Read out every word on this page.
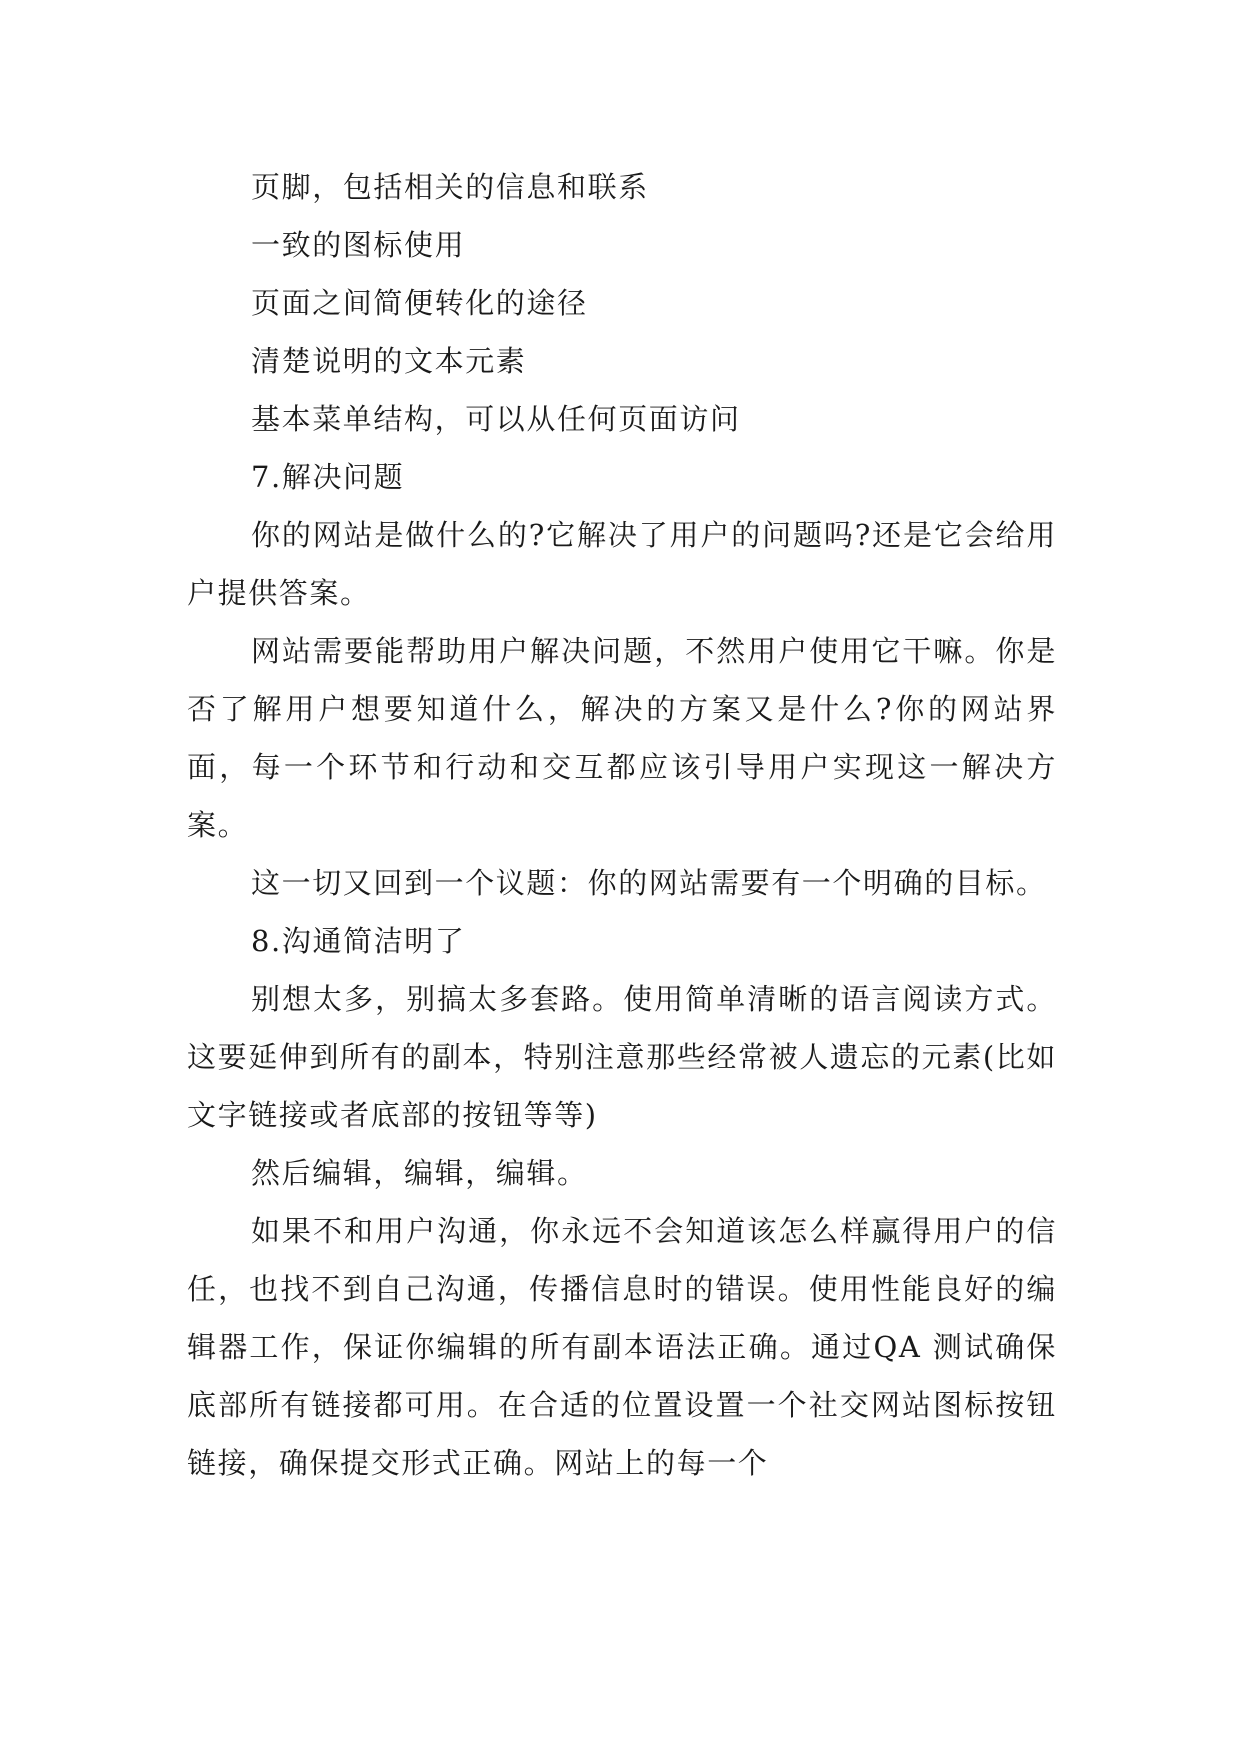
页脚，包括相关的信息和联系

一致的图标使用

页面之间简便转化的途径

清楚说明的文本元素

基本菜单结构，可以从任何页面访问

7.解决问题

你的网站是做什么的?它解决了用户的问题吗?还是它会给用户提供答案。

网站需要能帮助用户解决问题，不然用户使用它干嘛。你是否了解用户想要知道什么，解决的方案又是什么?你的网站界面，每一个环节和行动和交互都应该引导用户实现这一解决方案。

这一切又回到一个议题：你的网站需要有一个明确的目标。

8.沟通简洁明了

别想太多，别搞太多套路。使用简单清晰的语言阅读方式。这要延伸到所有的副本，特别注意那些经常被人遗忘的元素(比如文字链接或者底部的按钮等等)

然后编辑，编辑，编辑。

如果不和用户沟通，你永远不会知道该怎么样赢得用户的信任，也找不到自己沟通，传播信息时的错误。使用性能良好的编辑器工作，保证你编辑的所有副本语法正确。通过QA 测试确保底部所有链接都可用。在合适的位置设置一个社交网站图标按钮链接，确保提交形式正确。网站上的每一个
